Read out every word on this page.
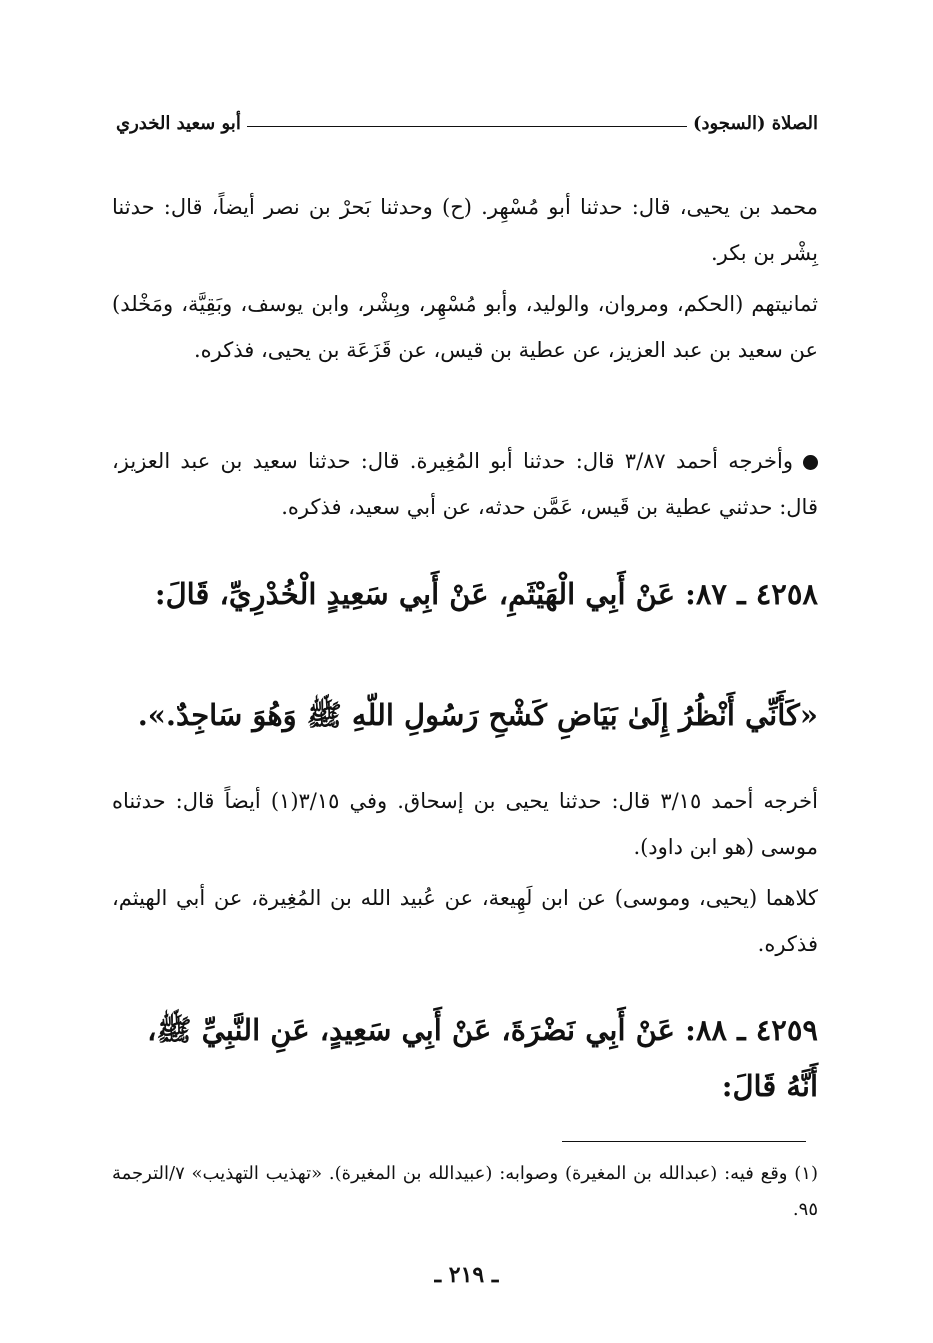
الصلاة (السجود)
أبو سعيد الخدري
محمد بن يحيى، قال: حدثنا أبو مُسْهِر. (ح) وحدثنا بَحرْ بن نصر أيضاً، قال: حدثنا بِشْر بن بكر.
ثمانيتهم (الحكم، ومروان، والوليد، وأبو مُسْهِر، وبِشْر، وابن يوسف، وبَقِيَّة، ومَخْلد) عن سعيد بن عبد العزيز، عن عطية بن قيس، عن قَزَعَة بن يحيى، فذكره.
وأخرجه أحمد ٣/٨٧ قال: حدثنا أبو المُغِيرة. قال: حدثنا سعيد بن عبد العزيز، قال: حدثني عطية بن قَيس، عَمَّن حدثه، عن أبي سعيد، فذكره.
٤٢٥٨ ـ ٨٧: عَنْ أَبِي الْهَيْثَمِ، عَنْ أَبِي سَعِيدٍ الْخُدْرِيِّ، قَالَ:
«كَأَنِّي أَنْظُرُ إِلَىٰ بَيَاضِ كَشْحِ رَسُولِ اللّهِ ﷺ وَهُوَ سَاجِدٌ.».
أخرجه أحمد ٣/١٥ قال: حدثنا يحيى بن إسحاق. وفي ٣/١٥(١) أيضاً قال: حدثناه موسى (هو ابن داود).
كلاهما (يحيى، وموسى) عن ابن لَهِيعة، عن عُبيد الله بن المُغِيرة، عن أبي الهيثم، فذكره.
٤٢٥٩ ـ ٨٨: عَنْ أَبِي نَضْرَةَ، عَنْ أَبِي سَعِيدٍ، عَنِ النَّبِيِّ ﷺ، أَنَّهُ قَالَ:
(١) وقع فيه: (عبدالله بن المغيرة) وصوابه: (عبيدالله بن المغيرة). «تهذيب التهذيب» ٧/الترجمة ٩٥.
ـ ٢١٩ ـ
